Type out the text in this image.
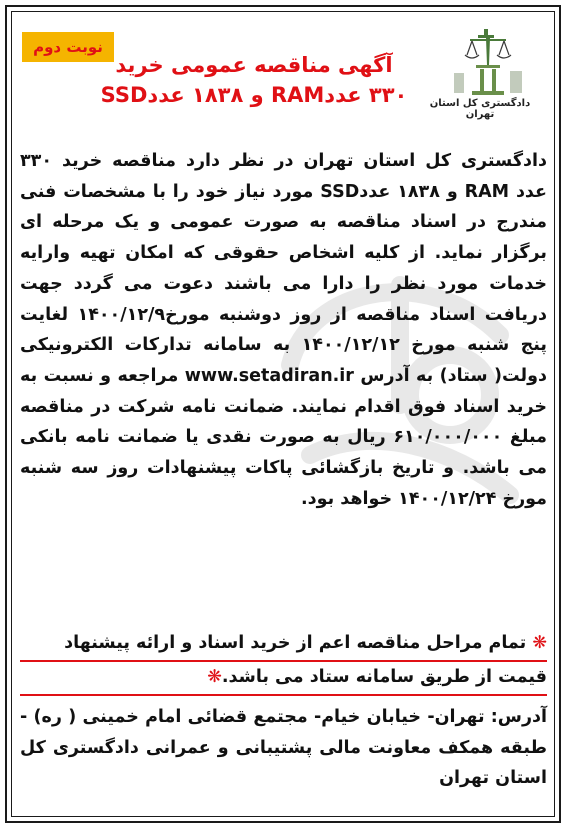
نوبت دوم
آگهی مناقصه عمومی خرید
۳۳۰ عددRAM و ۱۸۳۸ عددSSD	دادگستری کل استان تهران
دادگستری کل استان تهران در نظر دارد مناقصه خرید ۳۳۰ عدد RAM و ۱۸۳۸ عددSSD مورد نیاز خود را با مشخصات فنی مندرج در اسناد مناقصه به صورت عمومی و یک مرحله ای برگزار نماید. از کلیه اشخاص حقوقی که امکان تهیه وارایه خدمات مورد نظر را دارا می باشند دعوت می گردد جهت دریافت اسناد مناقصه از روز دوشنبه مورخ۱۴۰۰/۱۲/۹ لغایت پنج شنبه مورخ ۱۴۰۰/۱۲/۱۲ به سامانه تدارکات الکترونیکی دولت( ستاد) به آدرس www.setadiran.ir مراجعه و نسبت به خرید اسناد فوق اقدام نمایند. ضمانت نامه شرکت در مناقصه مبلغ ۶۱۰/۰۰۰/۰۰۰ ریال به صورت نقدی یا ضمانت نامه بانکی می باشد. و تاریخ بازگشائی پاکات پیشنهادات روز سه شنبه مورخ ۱۴۰۰/۱۲/۲۴ خواهد بود.
❋ تمام مراحل مناقصه اعم از خرید اسناد و ارائه پیشنهاد
قیمت از طریق سامانه ستاد می باشد.❋
آدرس: تهران- خیابان خیام- مجتمع قضائی امام خمینی ( ره) - طبقه همکف معاونت مالی پشتیبانی و عمرانی دادگستری کل استان تهران
